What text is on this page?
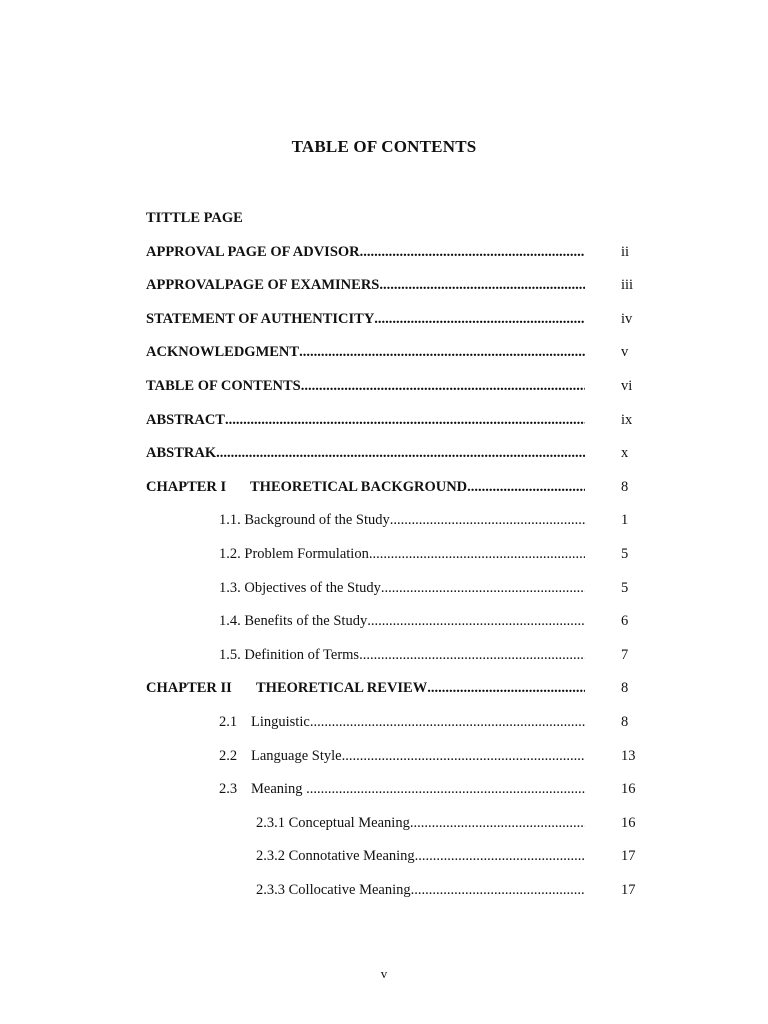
TABLE OF CONTENTS
TITTLE PAGE
APPROVAL PAGE OF ADVISOR .....	ii
APPROVALPAGE OF EXAMINERS .....	iii
STATEMENT OF AUTHENTICITY .....	iv
ACKNOWLEDGMENT .....	v
TABLE OF CONTENTS .....	vi
ABSTRACT .....	ix
ABSTRAK .....	x
CHAPTER I THEORETICAL BACKGROUND .....	8
1.1. Background of the Study .....	1
1.2. Problem Formulation .....	5
1.3. Objectives of the Study .....	5
1.4. Benefits of the Study .....	6
1.5. Definition of Terms .....	7
CHAPTER II THEORETICAL REVIEW .....	8
2.1 Linguistic .....	8
2.2 Language Style .....	13
2.3 Meaning .....	16
2.3.1 Conceptual Meaning .....	16
2.3.2 Connotative Meaning .....	17
2.3.3 Collocative Meaning .....	17
v
